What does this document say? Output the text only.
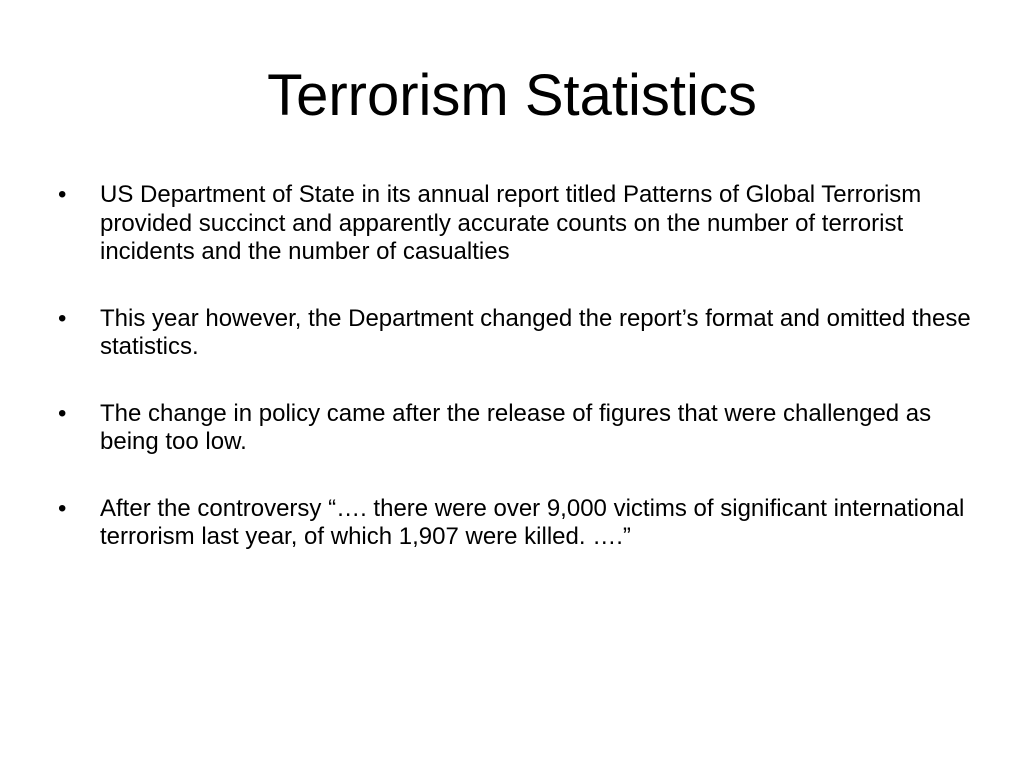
Terrorism Statistics
•	US Department of State in its annual report titled Patterns of Global Terrorism provided succinct and apparently accurate counts on the number of terrorist incidents and the number of casualties
•	This year however, the Department changed the report’s format and omitted these statistics.
•	The change in policy came after the release of figures that were challenged as being too low.
•	After the controversy “…. there were over 9,000 victims of significant international terrorism last year, of which 1,907 were killed. ….”
